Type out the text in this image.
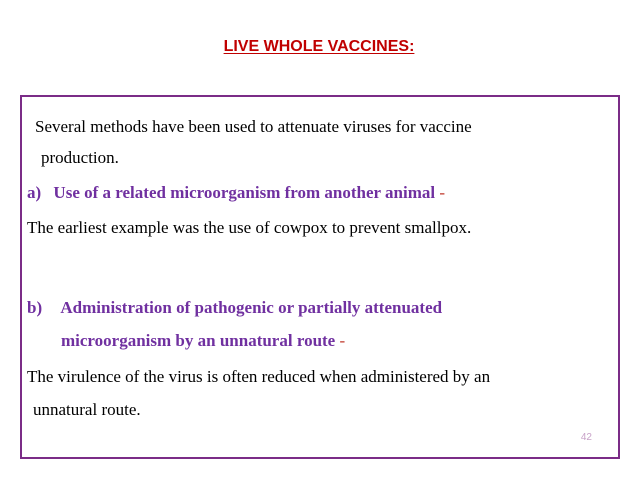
LIVE WHOLE VACCINES:
Several methods have been used to attenuate viruses for vaccine
production.
a) Use of a related microorganism from another animal -
The earliest example was the use of cowpox to prevent smallpox.
b) Administration of pathogenic or partially attenuated
microorganism by an unnatural route -
The virulence of the virus is often reduced when administered by an
unnatural route.
42
